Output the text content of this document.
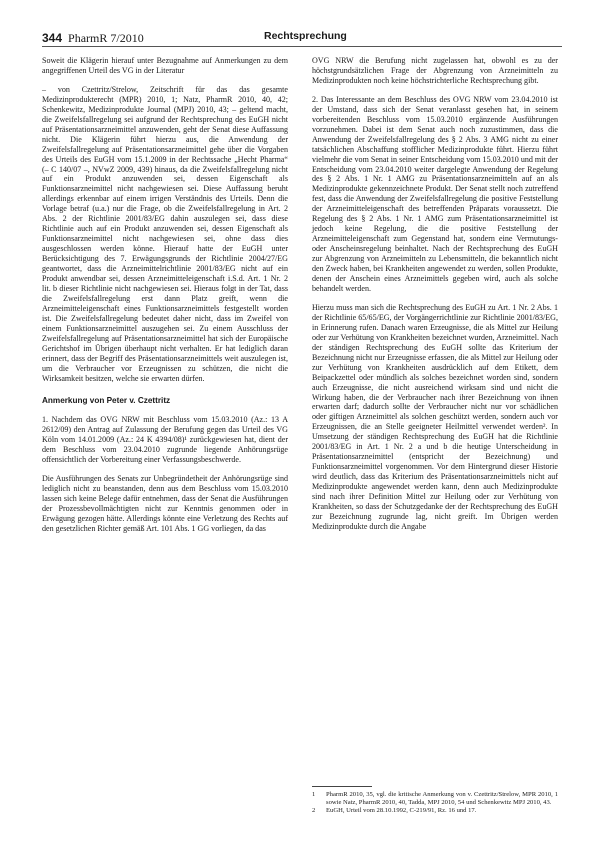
344 PharmR 7/2010	Rechtsprechung

Soweit die Klägerin hierauf unter Bezugnahme auf Anmerkungen zu dem angegriffenen Urteil des VG in der Literatur

– von Czettritz/Strelow, Zeitschrift für das das gesamte Medizinprodukterecht (MPR) 2010, 1; Natz, PharmR 2010, 40, 42; Schenkewitz, Medizinprodukte Journal (MPJ) 2010, 43; – geltend macht, die Zweifelsfallregelung sei aufgrund der Rechtsprechung des EuGH nicht auf Präsentationsarzneimittel anzuwenden, geht der Senat diese Auffassung nicht. Die Klägerin führt hierzu aus, die Anwendung der Zweifelsfallregelung auf Präsentationsarzneimittel gehe über die Vorgaben des Urteils des EuGH vom 15.1.2009 in der Rechtssache „Hecht Pharma“ (– C 140/07 –, NVwZ 2009, 439) hinaus, da die Zweifelsfallregelung nicht auf ein Produkt anzuwenden sei, dessen Eigenschaft als Funktionsarzneimittel nicht nachgewiesen sei. Diese Auffassung beruht allerdings erkennbar auf einem irrigen Verständnis des Urteils. Denn die Vorlage betraf (u.a.) nur die Frage, ob die Zweifelsfallregelung in Art. 2 Abs. 2 der Richtlinie 2001/83/EG dahin auszulegen sei, dass diese Richtlinie auch auf ein Produkt anzuwenden sei, dessen Eigenschaft als Funktionsarzneimittel nicht nachgewiesen sei, ohne dass dies ausgeschlossen werden könne. Hierauf hatte der EuGH unter Berücksichtigung des 7. Erwägungsgrunds der Richtlinie 2004/27/EG geantwortet, dass die Arzneimittelrichtlinie 2001/83/EG nicht auf ein Produkt anwendbar sei, dessen Arzneimitteleigenschaft i.S.d. Art. 1 Nr. 2 lit. b dieser Richtlinie nicht nachgewiesen sei. Hieraus folgt in der Tat, dass die Zweifelsfallregelung erst dann Platz greift, wenn die Arzneimitteleigenschaft eines Funktionsarzneimittels festgestellt worden ist. Die Zweifelsfallregelung bedeutet daher nicht, dass im Zweifel von einem Funktionsarzneimittel auszugehen sei. Zu einem Ausschluss der Zweifelsfallregelung auf Präsentationsarzneimittel hat sich der Europäische Gerichtshof im Übrigen überhaupt nicht verhalten. Er hat lediglich daran erinnert, dass der Begriff des Präsentationsarzneimittels weit auszulegen ist, um die Verbraucher vor Erzeugnissen zu schützen, die nicht die Wirksamkeit besitzen, welche sie erwarten dürfen.

Anmerkung von Peter v. Czettritz

1. Nachdem das OVG NRW mit Beschluss vom 15.03.2010 (Az.: 13 A 2612/09) den Antrag auf Zulassung der Berufung gegen das Urteil des VG Köln vom 14.01.2009 (Az.: 24 K 4394/08)¹ zurückgewiesen hat, dient der dem Beschluss vom 23.04.2010 zugrunde liegende Anhörungsrüge offensichtlich der Vorbereitung einer Verfassungsbeschwerde.

Die Ausführungen des Senats zur Unbegründetheit der Anhörungsrüge sind lediglich nicht zu beanstanden, denn aus dem Beschluss vom 15.03.2010 lassen sich keine Belege dafür entnehmen, dass der Senat die Ausführungen der Prozessbevollmächtigten nicht zur Kenntnis genommen oder in Erwägung gezogen hätte. Allerdings könnte eine Verletzung des Rechts auf den gesetzlichen Richter gemäß Art. 101 Abs. 1 GG vorliegen, da das

OVG NRW die Berufung nicht zugelassen hat, obwohl es zu der höchstgrundsätzlichen Frage der Abgrenzung von Arzneimitteln zu Medizinprodukten noch keine höchstrichterliche Rechtsprechung gibt.

2. Das Interessante an dem Beschluss des OVG NRW vom 23.04.2010 ist der Umstand, dass sich der Senat veranlasst gesehen hat, in seinem vorbereitenden Beschluss vom 15.03.2010 ergänzende Ausführungen vorzunehmen. Dabei ist dem Senat auch noch zuzustimmen, dass die Anwendung der Zweifelsfallregelung des § 2 Abs. 3 AMG nicht zu einer tatsächlichen Abschaffung stofflicher Medizinprodukte führt. Hierzu führt vielmehr die vom Senat in seiner Entscheidung vom 15.03.2010 und mit der Entscheidung vom 23.04.2010 weiter dargelegte Anwendung der Regelung des § 2 Abs. 1 Nr. 1 AMG zu Präsentationsarzneimitteln auf an als Medizinprodukte gekennzeichnete Produkt. Der Senat stellt noch zutreffend fest, dass die Anwendung der Zweifelsfallregelung die positive Feststellung der Arzneimitteleigenschaft des betreffenden Präparats voraussetzt. Die Regelung des § 2 Abs. 1 Nr. 1 AMG zum Präsentationsarzneimittel ist jedoch keine Regelung, die die positive Feststellung der Arzneimitteleigenschaft zum Gegenstand hat, sondern eine Vermutungs- oder Anscheinsregelung beinhaltet. Nach der Rechtsprechung des EuGH zur Abgrenzung von Arzneimitteln zu Lebensmitteln, die bekanntlich nicht den Zweck haben, bei Krankheiten angewendet zu werden, sollen Produkte, denen der Anschein eines Arzneimittels gegeben wird, auch als solche behandelt werden.

Hierzu muss man sich die Rechtsprechung des EuGH zu Art. 1 Nr. 2 Abs. 1 der Richtlinie 65/65/EG, der Vorgängerrichtlinie zur Richtlinie 2001/83/EG, in Erinnerung rufen. Danach waren Erzeugnisse, die als Mittel zur Heilung oder zur Verhütung von Krankheiten bezeichnet wurden, Arzneimittel. Nach der ständigen Rechtsprechung des EuGH sollte das Kriterium der Bezeichnung nicht nur Erzeugnisse erfassen, die als Mittel zur Heilung oder zur Verhütung von Krankheiten ausdrücklich auf dem Etikett, dem Beipackzettel oder mündlich als solches bezeichnet worden sind, sondern auch Erzeugnisse, die nicht ausreichend wirksam sind und nicht die Wirkung haben, die der Verbraucher nach ihrer Bezeichnung von ihnen erwarten darf; dadurch sollte der Verbraucher nicht nur vor schädlichen oder giftigen Arzneimittel als solchen geschützt werden, sondern auch vor Erzeugnissen, die an Stelle geeigneter Heilmittel verwendet werden². In Umsetzung der ständigen Rechtsprechung des EuGH hat die Richtlinie 2001/83/EG in Art. 1 Nr. 2 a und b die heutige Unterscheidung in Präsentationsarzneimittel (entspricht der Bezeichnung) und Funktionsarzneimittel vorgenommen. Vor dem Hintergrund dieser Historie wird deutlich, dass das Kriterium des Präsentationsarzneimittels nicht auf Medizinprodukte angewendet werden kann, denn auch Medizinprodukte sind nach ihrer Definition Mittel zur Heilung oder zur Verhütung von Krankheiten, so dass der Schutzgedanke der der Rechtsprechung des EuGH zur Bezeichnung zugrunde lag, nicht greift. Im Übrigen werden Medizinprodukte durch die Angabe

1	PharmR 2010, 35, vgl. die kritische Anmerkung von v. Czettritz/Strelow, MPR 2010, 1 sowie Natz, PharmR 2010, 40, Tadda, MPJ 2010, 54 und Schenkewitz MPJ 2010, 43.
2	EuGH, Urteil vom 28.10.1992, C-219/91, Rz. 16 und 17.
